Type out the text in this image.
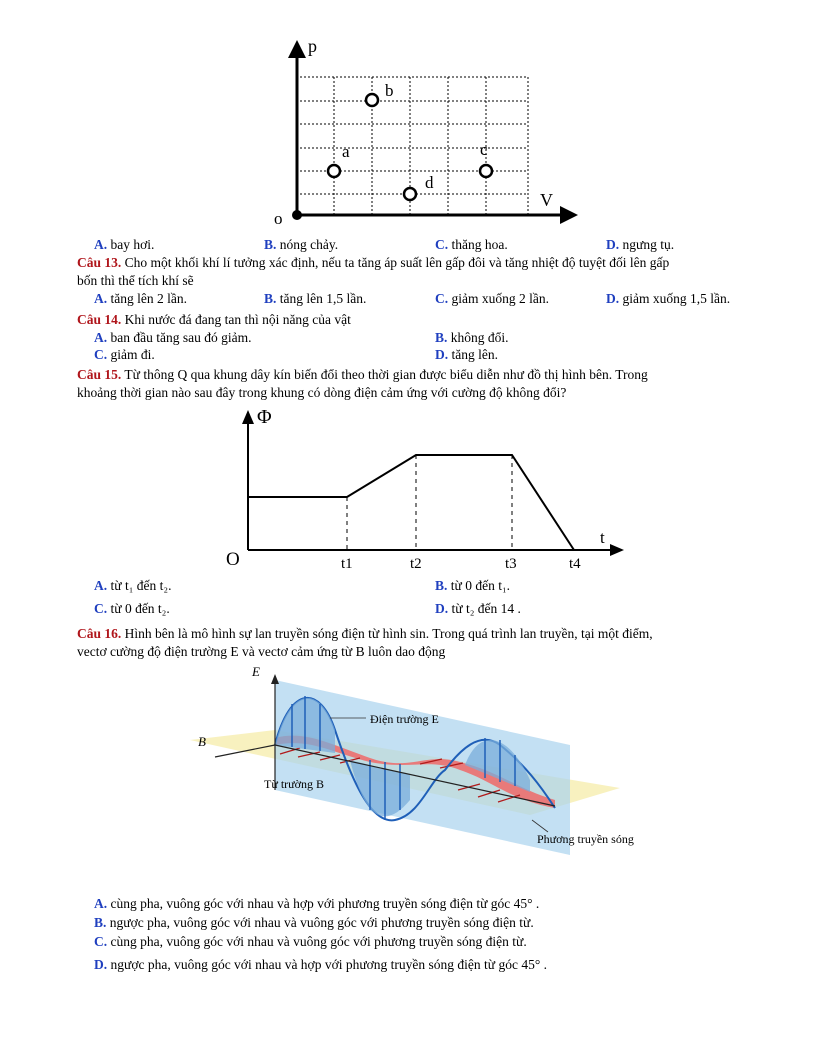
p
V
o
b
a	c
d
A. bay hơi.	B. nóng chảy.	C. thăng hoa.	D. ngưng tụ.
Câu 13. Cho một khối khí lí tưởng xác định, nếu ta tăng áp suất lên gấp đôi và tăng nhiệt độ tuyệt đối lên gấp
bốn thì thể tích khí sẽ
A. tăng lên 2 lần.	B. tăng lên 1,5 lần.	C. giảm xuống 2 lần.	D. giảm xuống 1,5 lần.
Câu 14. Khi nước đá đang tan thì nội năng của vật
A. ban đầu tăng sau đó giảm.	B. không đổi.
C. giảm đi.	D. tăng lên.
Câu 15. Từ thông Q qua khung dây kín biến đổi theo thời gian được biểu diễn như đồ thị hình bên. Trong
khoảng thời gian nào sau đây trong khung có dòng điện cảm ứng với cường độ không đổi?
Φ
t
O	t1	t2	t3	t4
A. từ t₁ đến t₂.	B. từ 0 đến t₁.
C. từ 0 đến t₂.	D. từ t₂ đến 14 .
Câu 16. Hình bên là mô hình sự lan truyền sóng điện từ hình sin. Trong quá trình lan truyền, tại một điểm,
vectơ cường độ điện trường E và vectơ cảm ứng từ B luôn dao động
E
B
Điện trường E
Từ trường B
Phương truyền sóng
A. cùng pha, vuông góc với nhau và hợp với phương truyền sóng điện từ góc 45° .
B. ngược pha, vuông góc với nhau và vuông góc với phương truyền sóng điện từ.
C. cùng pha, vuông góc với nhau và vuông góc với phương truyền sóng điện từ.
D. ngược pha, vuông góc với nhau và hợp với phương truyền sóng điện từ góc 45° .
